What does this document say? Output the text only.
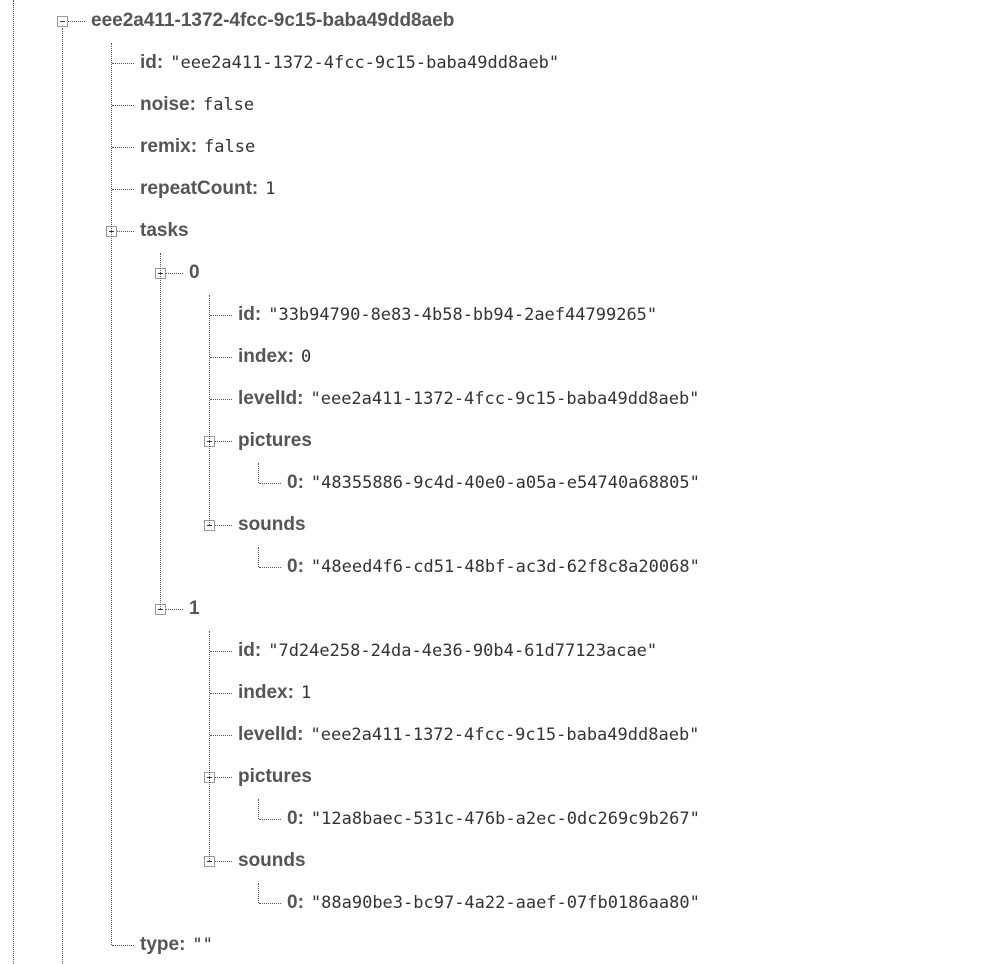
eee2a411-1372-4fcc-9c15-baba49dd8aeb
id: "eee2a411-1372-4fcc-9c15-baba49dd8aeb"
noise: false
remix: false
repeatCount: 1
tasks
0
id: "33b94790-8e83-4b58-bb94-2aef44799265"
index: 0
levelId: "eee2a411-1372-4fcc-9c15-baba49dd8aeb"
pictures
0: "48355886-9c4d-40e0-a05a-e54740a68805"
sounds
0: "48eed4f6-cd51-48bf-ac3d-62f8c8a20068"
1
id: "7d24e258-24da-4e36-90b4-61d77123acae"
index: 1
levelId: "eee2a411-1372-4fcc-9c15-baba49dd8aeb"
pictures
0: "12a8baec-531c-476b-a2ec-0dc269c9b267"
sounds
0: "88a90be3-bc97-4a22-aaef-07fb0186aa80"
type: ""
